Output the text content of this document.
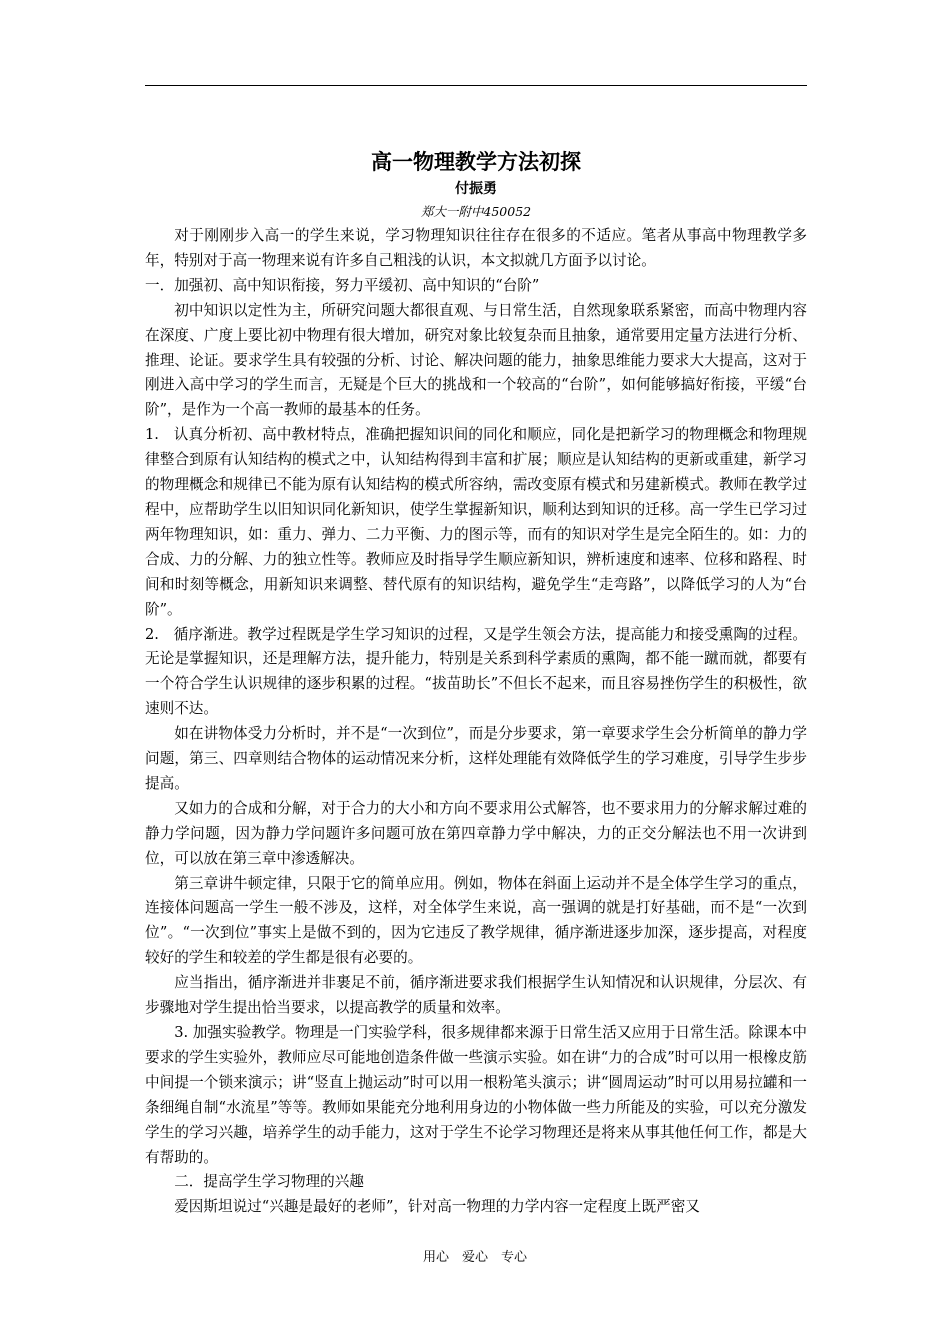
高一物理教学方法初探
付振勇
郑大一附中450052

对于刚刚步入高一的学生来说，学习物理知识往往存在很多的不适应。笔者从事高中物理教学多年，特别对于高一物理来说有许多自己粗浅的认识，本文拟就几方面予以讨论。

一．加强初、高中知识衔接，努力平缓初、高中知识的“台阶”

初中知识以定性为主，所研究问题大都很直观、与日常生活，自然现象联系紧密，而高中物理内容在深度、广度上要比初中物理有很大增加，研究对象比较复杂而且抽象，通常要用定量方法进行分析、推理、论证。要求学生具有较强的分析、讨论、解决问题的能力，抽象思维能力要求大大提高，这对于刚进入高中学习的学生而言，无疑是个巨大的挑战和一个较高的“台阶”，如何能够搞好衔接，平缓“台阶”，是作为一个高一教师的最基本的任务。

1.　认真分析初、高中教材特点，准确把握知识间的同化和顺应，同化是把新学习的物理概念和物理规律整合到原有认知结构的模式之中，认知结构得到丰富和扩展；顺应是认知结构的更新或重建，新学习的物理概念和规律已不能为原有认知结构的模式所容纳，需改变原有模式和另建新模式。教师在教学过程中，应帮助学生以旧知识同化新知识，使学生掌握新知识，顺利达到知识的迁移。高一学生已学习过两年物理知识，如：重力、弹力、二力平衡、力的图示等，而有的知识对学生是完全陌生的。如：力的合成、力的分解、力的独立性等。教师应及时指导学生顺应新知识，辨析速度和速率、位移和路程、时间和时刻等概念，用新知识来调整、替代原有的知识结构，避免学生“走弯路”，以降低学习的人为“台阶”。

2.　循序渐进。教学过程既是学生学习知识的过程，又是学生领会方法，提高能力和接受熏陶的过程。无论是掌握知识，还是理解方法，提升能力，特别是关系到科学素质的熏陶，都不能一蹴而就，都要有一个符合学生认识规律的逐步积累的过程。“拔苗助长”不但长不起来，而且容易挫伤学生的积极性，欲速则不达。

如在讲物体受力分析时，并不是“一次到位”，而是分步要求，第一章要求学生会分析简单的静力学问题，第三、四章则结合物体的运动情况来分析，这样处理能有效降低学生的学习难度，引导学生步步提高。

又如力的合成和分解，对于合力的大小和方向不要求用公式解答，也不要求用力的分解求解过难的静力学问题，因为静力学问题许多问题可放在第四章静力学中解决，力的正交分解法也不用一次讲到位，可以放在第三章中渗透解决。

第三章讲牛顿定律，只限于它的简单应用。例如，物体在斜面上运动并不是全体学生学习的重点，连接体问题高一学生一般不涉及，这样，对全体学生来说，高一强调的就是打好基础，而不是“一次到位”。“一次到位”事实上是做不到的，因为它违反了教学规律，循序渐进逐步加深，逐步提高，对程度较好的学生和较差的学生都是很有必要的。

应当指出，循序渐进并非裹足不前，循序渐进要求我们根据学生认知情况和认识规律，分层次、有步骤地对学生提出恰当要求，以提高教学的质量和效率。

3. 加强实验教学。物理是一门实验学科，很多规律都来源于日常生活又应用于日常生活。除课本中要求的学生实验外，教师应尽可能地创造条件做一些演示实验。如在讲“力的合成”时可以用一根橡皮筋中间提一个锁来演示；讲“竖直上抛运动”时可以用一根粉笔头演示；讲“圆周运动”时可以用易拉罐和一条细绳自制“水流星”等等。教师如果能充分地利用身边的小物体做一些力所能及的实验，可以充分激发学生的学习兴趣，培养学生的动手能力，这对于学生不论学习物理还是将来从事其他任何工作，都是大有帮助的。

二．提高学生学习物理的兴趣

爱因斯坦说过“兴趣是最好的老师”，针对高一物理的力学内容一定程度上既严密又

用心　爱心　专心
